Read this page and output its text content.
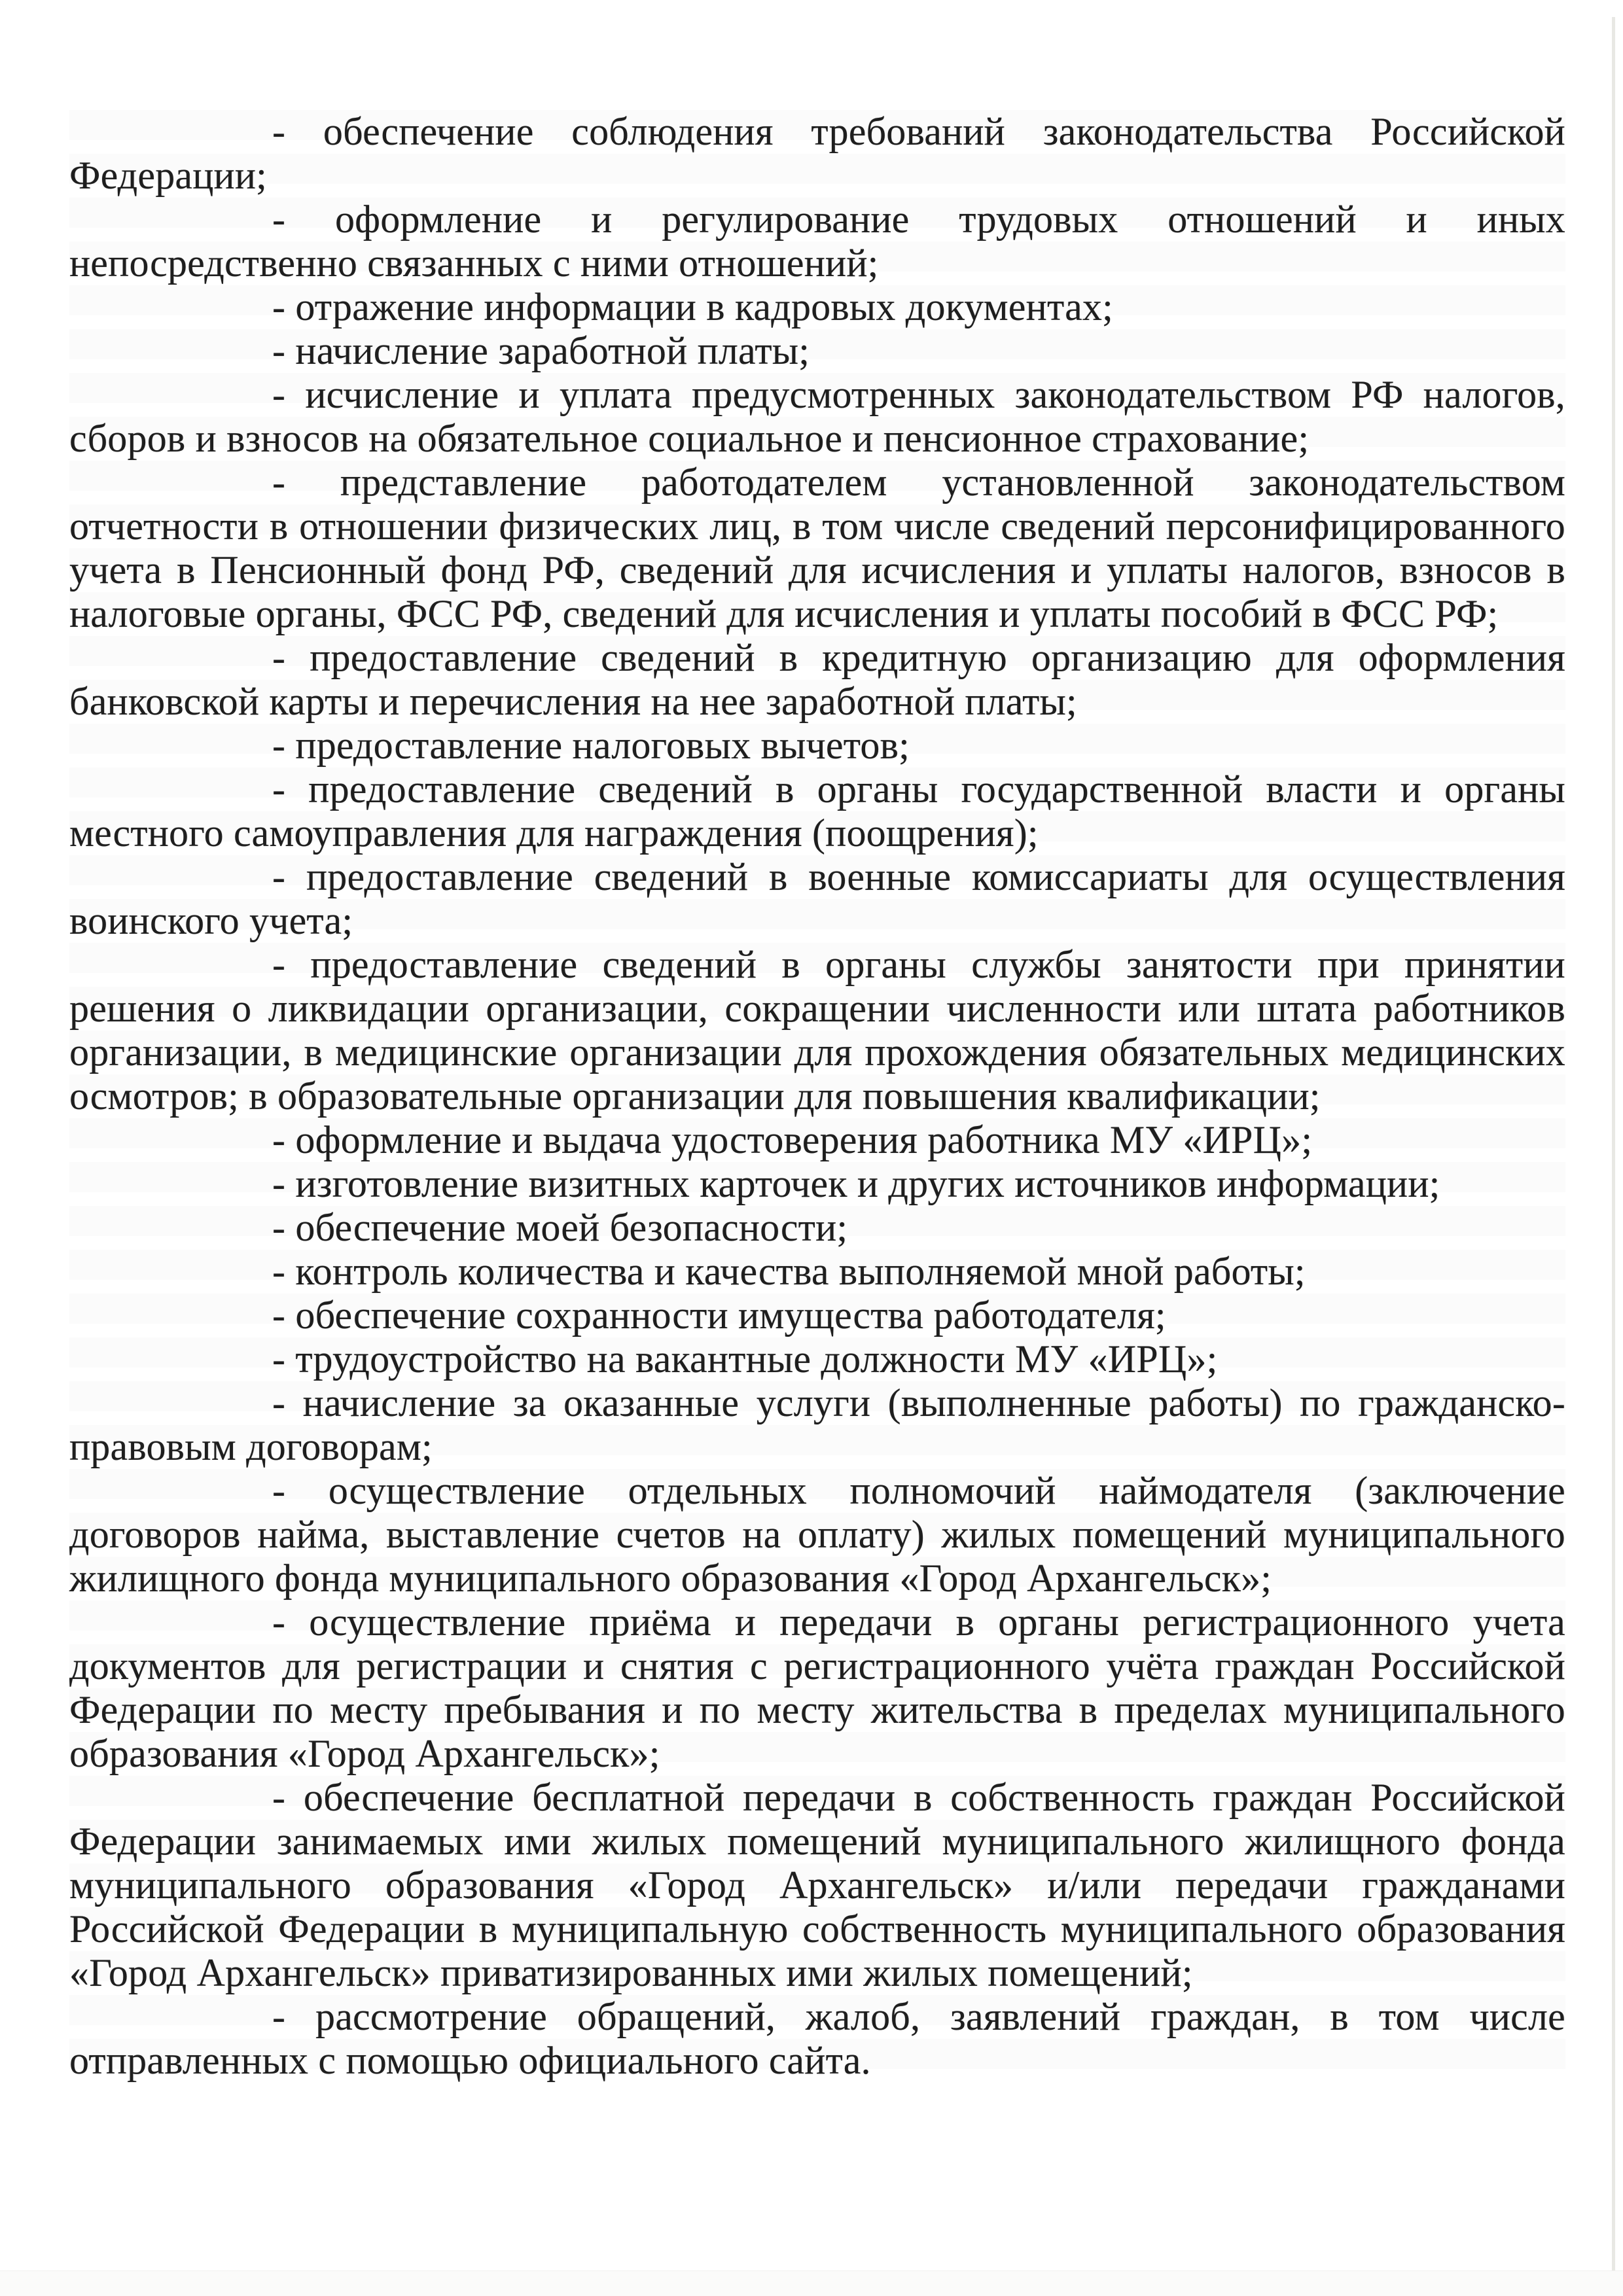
- обеспечение соблюдения требований законодательства Российской Федерации;

- оформление и регулирование трудовых отношений и иных непосредственно связанных с ними отношений;

- отражение информации в кадровых документах;

- начисление заработной платы;

- исчисление и уплата предусмотренных законодательством РФ налогов, сборов и взносов на обязательное социальное и пенсионное страхование;

- представление работодателем установленной законодательством отчетности в отношении физических лиц, в том числе сведений персонифицированного учета в Пенсионный фонд РФ, сведений для исчисления и уплаты налогов, взносов в налоговые органы, ФСС РФ, сведений для исчисления и уплаты пособий в ФСС РФ;

- предоставление сведений в кредитную организацию для оформления банковской карты и перечисления на нее заработной платы;

- предоставление налоговых вычетов;

- предоставление сведений в органы государственной власти и органы местного самоуправления для награждения (поощрения);

- предоставление сведений в военные комиссариаты для осуществления воинского учета;

- предоставление сведений в органы службы занятости при принятии решения о ликвидации организации, сокращении численности или штата работников организации, в медицинские организации для прохождения обязательных медицинских осмотров; в образовательные организации для повышения квалификации;

- оформление и выдача удостоверения работника МУ «ИРЦ»;

- изготовление визитных карточек и других источников информации;

- обеспечение моей безопасности;

- контроль количества и качества выполняемой мной работы;

- обеспечение сохранности имущества работодателя;

- трудоустройство на вакантные должности МУ «ИРЦ»;

- начисление за оказанные услуги (выполненные работы) по гражданско-правовым договорам;

- осуществление отдельных полномочий наймодателя (заключение договоров найма, выставление счетов на оплату) жилых помещений муниципального жилищного фонда муниципального образования «Город Архангельск»;

- осуществление приёма и передачи в органы регистрационного учета документов для регистрации и снятия с регистрационного учёта граждан Российской Федерации по месту пребывания и по месту жительства в пределах муниципального образования «Город Архангельск»;

- обеспечение бесплатной передачи в собственность граждан Российской Федерации занимаемых ими жилых помещений муниципального жилищного фонда муниципального образования «Город Архангельск» и/или передачи гражданами Российской Федерации в муниципальную собственность муниципального образования «Город Архангельск» приватизированных ими жилых помещений;

- рассмотрение обращений, жалоб, заявлений граждан, в том числе отправленных с помощью официального сайта.
